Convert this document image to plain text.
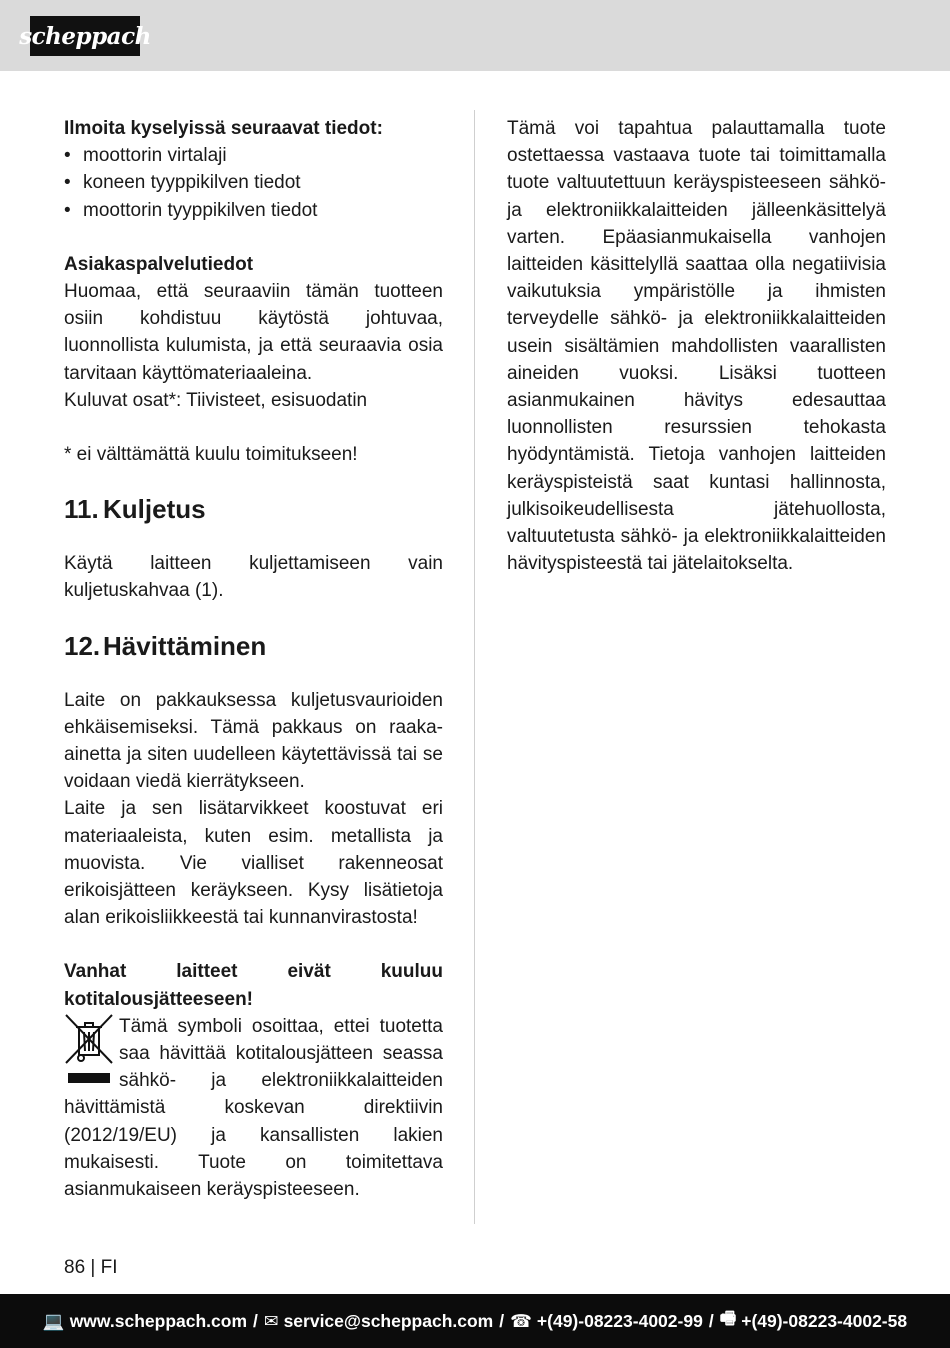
scheppach

Ilmoita kyselyissä seuraavat tiedot:

• moottorin virtalaji
• koneen tyyppikilven tiedot
• moottorin tyyppikilven tiedot

Asiakaspalvelutiedot

Huomaa, että seuraaviin tämän tuotteen osiin kohdistuu käytöstä johtuvaa, luonnollista kulumista, ja että seuraavia osia tarvitaan käyttömateriaaleina.

Kuluvat osat*: Tiivisteet, esisuodatin

* ei välttämättä kuulu toimitukseen!

11. Kuljetus

Käytä laitteen kuljettamiseen vain kuljetuskahvaa (1).

12. Hävittäminen

Laite on pakkauksessa kuljetusvaurioiden ehkäisemiseksi. Tämä pakkaus on raaka-ainetta ja siten uudelleen käytettävissä tai se voidaan viedä kierrätykseen.

Laite ja sen lisätarvikkeet koostuvat eri materiaaleista, kuten esim. metallista ja muovista. Vie vialliset rakenneosat erikoisjätteen keräykseen. Kysy lisätietoja alan erikoisliikkeestä tai kunnanvirastosta!

Vanhat laitteet eivät kuuluu kotitalousjätteeseen!

Tämä symboli osoittaa, ettei tuotetta saa hävittää kotitalousjätteen seassa sähkö- ja elektroniikkalaitteiden hävittämistä koskevan direktiivin (2012/19/EU) ja kansallisten lakien mukaisesti. Tuote on toimitettava asianmukaiseen keräyspisteeseen.

Tämä voi tapahtua palauttamalla tuote ostettaessa vastaava tuote tai toimittamalla tuote valtuutettuun keräyspisteeseen sähkö- ja elektroniikkalaitteiden jälleenkäsittelyä varten. Epäasianmukaisella vanhojen laitteiden käsittelyllä saattaa olla negatiivisia vaikutuksia ympäristölle ja ihmisten terveydelle sähkö- ja elektroniikkalaitteiden usein sisältämien mahdollisten vaarallisten aineiden vuoksi. Lisäksi tuotteen asianmukainen hävitys edesauttaa luonnollisten resurssien tehokasta hyödyntämistä. Tietoja vanhojen laitteiden keräyspisteistä saat kuntasi hallinnosta, julkisoikeudellisesta jätehuollosta, valtuutetusta sähkö- ja elektroniikkalaitteiden hävityspisteestä tai jätelaitokselta.

86 | FI
💻 www.scheppach.com / ✉ service@scheppach.com / ☎ +(49)-08223-4002-99 / 🖷 +(49)-08223-4002-58
